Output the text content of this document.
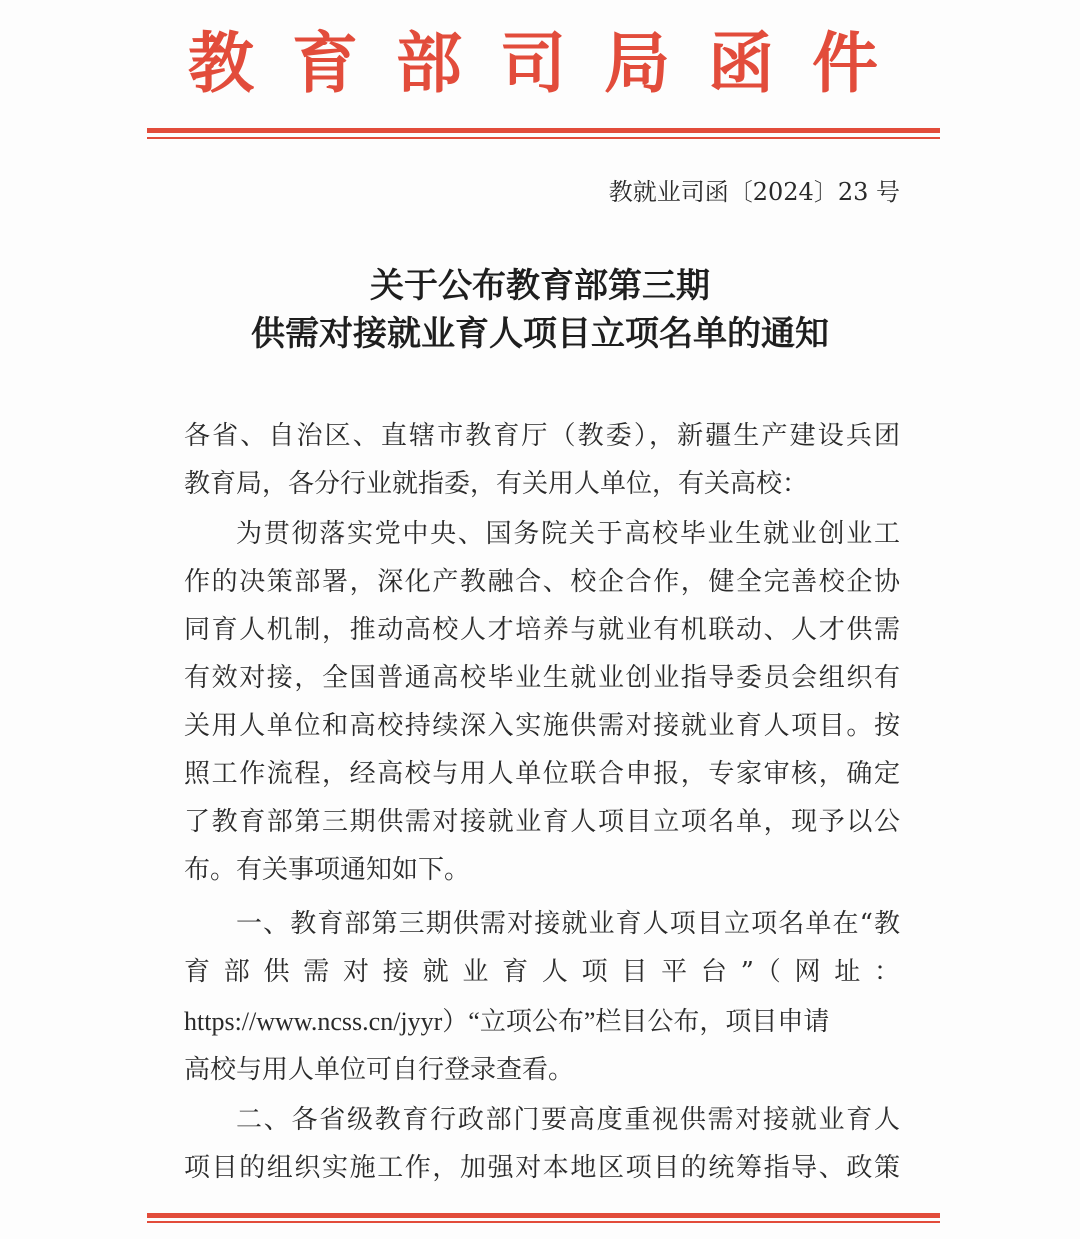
教育部司局函件
教就业司函〔2024〕23 号
关于公布教育部第三期
供需对接就业育人项目立项名单的通知
各省、自治区、直辖市教育厅（教委），新疆生产建设兵团
教育局，各分行业就指委，有关用人单位，有关高校：
为贯彻落实党中央、国务院关于高校毕业生就业创业工
作的决策部署，深化产教融合、校企合作，健全完善校企协
同育人机制，推动高校人才培养与就业有机联动、人才供需
有效对接，全国普通高校毕业生就业创业指导委员会组织有
关用人单位和高校持续深入实施供需对接就业育人项目。按
照工作流程，经高校与用人单位联合申报，专家审核，确定
了教育部第三期供需对接就业育人项目立项名单，现予以公
布。有关事项通知如下。
一、教育部第三期供需对接就业育人项目立项名单在“教
育部供需对接就业育人项目平台”（网址：
https://www.ncss.cn/jyyr）“立项公布”栏目公布，项目申请
高校与用人单位可自行登录查看。
二、各省级教育行政部门要高度重视供需对接就业育人
项目的组织实施工作，加强对本地区项目的统筹指导、政策
